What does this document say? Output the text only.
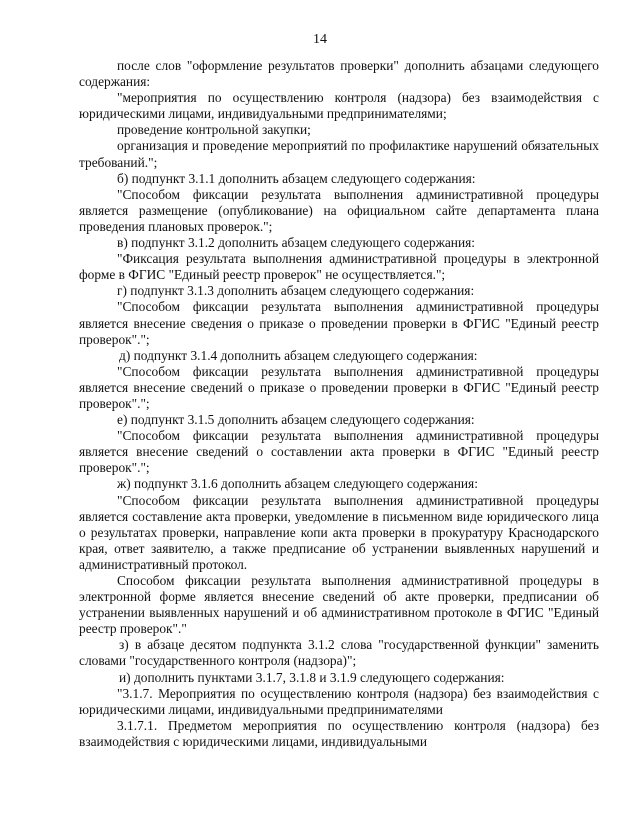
14

после слов "оформление результатов проверки" дополнить абзацами следующего содержания:

"мероприятия по осуществлению контроля (надзора) без взаимодействия с юридическими лицами, индивидуальными предпринимателями;

проведение контрольной закупки;

организация и проведение мероприятий по профилактике нарушений обязательных требований.";

б) подпункт 3.1.1 дополнить абзацем следующего содержания:

"Способом фиксации результата выполнения административной процедуры является размещение (опубликование) на официальном сайте департамента плана проведения плановых проверок.";

в) подпункт 3.1.2 дополнить абзацем следующего содержания:

"Фиксация результата выполнения административной процедуры в электронной форме в ФГИС "Единый реестр проверок" не осуществляется.";

г) подпункт 3.1.3 дополнить абзацем следующего содержания:

"Способом фиксации результата выполнения административной процедуры является внесение сведения о приказе о проведении проверки в ФГИС "Единый реестр проверок".";

д) подпункт 3.1.4 дополнить абзацем следующего содержания:

"Способом фиксации результата выполнения административной процедуры является внесение сведений о приказе о проведении проверки в ФГИС "Единый реестр проверок".";

е) подпункт 3.1.5 дополнить абзацем следующего содержания:

"Способом фиксации результата выполнения административной процедуры является внесение сведений о составлении акта проверки в ФГИС "Единый реестр проверок".";

ж) подпункт 3.1.6 дополнить абзацем следующего содержания:

"Способом фиксации результата выполнения административной процедуры является составление акта проверки, уведомление в письменном виде юридического лица о результатах проверки, направление копи акта проверки в прокуратуру Краснодарского края, ответ заявителю, а также предписание об устранении выявленных нарушений и административный протокол.

Способом фиксации результата выполнения административной процедуры в электронной форме является внесение сведений об акте проверки, предписании об устранении выявленных нарушений и об административном протоколе в ФГИС "Единый реестр проверок"."

з) в абзаце десятом подпункта 3.1.2 слова "государственной функции" заменить словами "государственного контроля (надзора)";

и) дополнить пунктами 3.1.7, 3.1.8 и 3.1.9 следующего содержания:

"3.1.7. Мероприятия по осуществлению контроля (надзора) без взаимодействия с юридическими лицами, индивидуальными предпринимателями

3.1.7.1. Предметом мероприятия по осуществлению контроля (надзора) без взаимодействия с юридическими лицами, индивидуальными
